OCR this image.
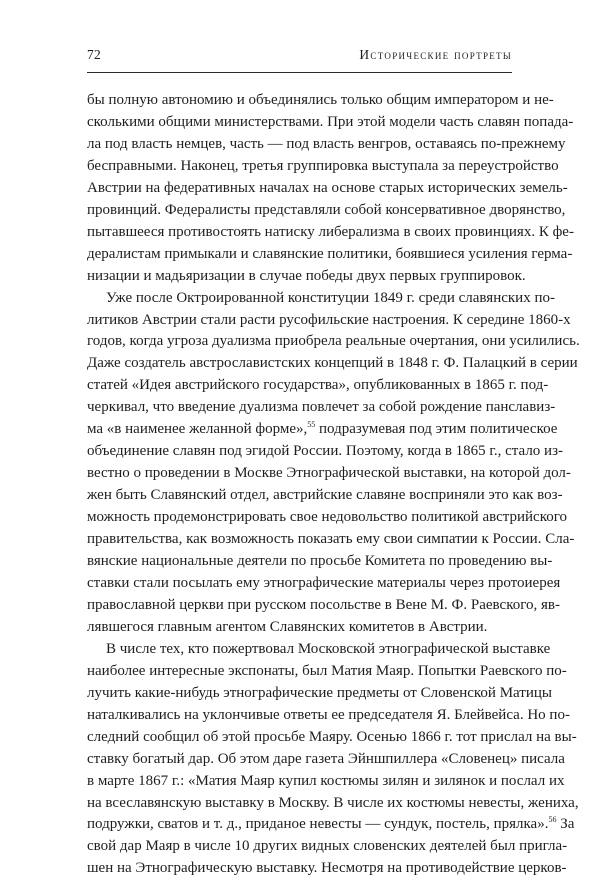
72	Исторические портреты
бы полную автономию и объединялись только общим императором и не-
сколькими общими министерствами. При этой модели часть славян попада-
ла под власть немцев, часть — под власть венгров, оставаясь по-прежнему
бесправными. Наконец, третья группировка выступала за переустройство
Австрии на федеративных началах на основе старых исторических земель-
провинций. Федералисты представляли собой консервативное дворянство,
пытавшееся противостоять натиску либерализма в своих провинциях. К фе-
дералистам примыкали и славянские политики, боявшиеся усиления герма-
низации и мадьяризации в случае победы двух первых группировок.
Уже после Октроированной конституции 1849 г. среди славянских по-
литиков Австрии стали расти русофильские настроения. К середине 1860-х
годов, когда угроза дуализма приобрела реальные очертания, они усилились.
Даже создатель австрославистских концепций в 1848 г. Ф. Палацкий в серии
статей «Идея австрийского государства», опубликованных в 1865 г. под-
черкивал, что введение дуализма повлечет за собой рождение панславиз-
ма «в наименее желанной форме»,$^{55}$ подразумевая под этим политическое
объединение славян под эгидой России. Поэтому, когда в 1865 г., стало из-
вестно о проведении в Москве Этнографической выставки, на которой дол-
жен быть Славянский отдел, австрийские славяне восприняли это как воз-
можность продемонстрировать свое недовольство политикой австрийского
правительства, как возможность показать ему свои симпатии к России. Сла-
вянские национальные деятели по просьбе Комитета по проведению вы-
ставки стали посылать ему этнографические материалы через протоиерея
православной церкви при русском посольстве в Вене М. Ф. Раевского, яв-
лявшегося главным агентом Славянских комитетов в Австрии.
В числе тех, кто пожертвовал Московской этнографической выставке
наиболее интересные экспонаты, был Матия Маяр. Попытки Раевского по-
лучить какие-нибудь этнографические предметы от Словенской Матицы
наталкивались на уклончивые ответы ее председателя Я. Блейвейса. Но по-
следний сообщил об этой просьбе Маяру. Осенью 1866 г. тот прислал на вы-
ставку богатый дар. Об этом даре газета Эйншпиллера «Словенец» писала
в марте 1867 г.: «Матия Маяр купил костюмы зилян и зилянок и послал их
на всеславянскую выставку в Москву. В числе их костюмы невесты, жениха,
подружки, сватов и т. д., приданое невесты — сундук, постель, прялка».$^{56}$ За
свой дар Маяр в числе 10 других видных словенских деятелей был пригла-
шен на Этнографическую выставку. Несмотря на противодействие церков-
